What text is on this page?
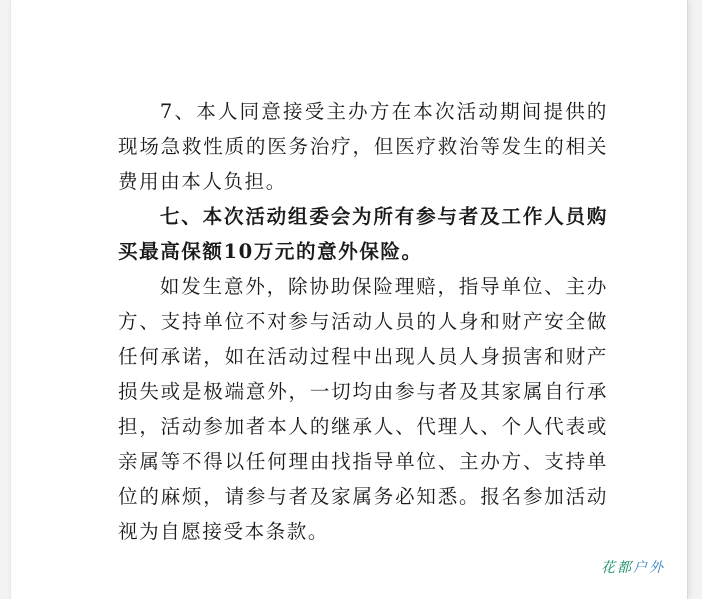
7、本人同意接受主办方在本次活动期间提供的现场急救性质的医务治疗，但医疗救治等发生的相关费用由本人负担。

七、本次活动组委会为所有参与者及工作人员购买最高保额10万元的意外保险。

如发生意外，除协助保险理赔，指导单位、主办方、支持单位不对参与活动人员的人身和财产安全做任何承诺，如在活动过程中出现人员人身损害和财产损失或是极端意外，一切均由参与者及其家属自行承担，活动参加者本人的继承人、代理人、个人代表或亲属等不得以任何理由找指导单位、主办方、支持单位的麻烦，请参与者及家属务必知悉。报名参加活动视为自愿接受本条款。

花都户外
